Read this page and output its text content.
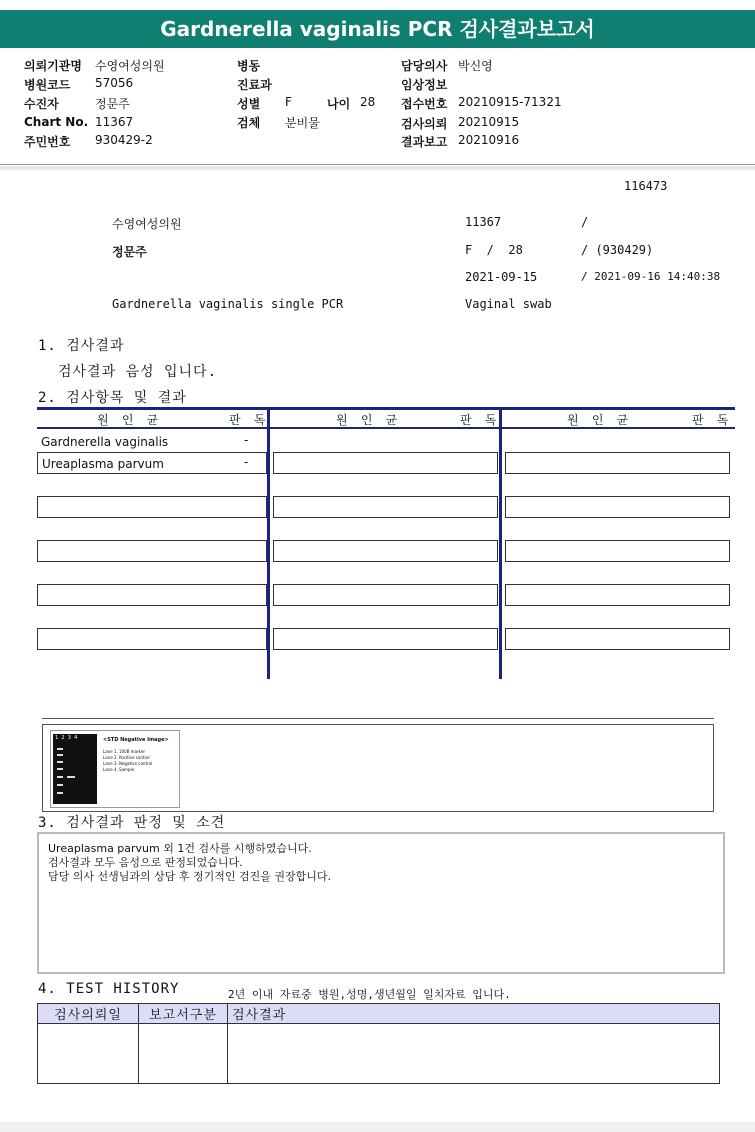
Gardnerella vaginalis PCR 검사결과보고서
의뢰기관명 수영여성의원
병원코드 57056
수진자	정문주
Chart No. 11367
주민번호 930429-2
병동
진료과
성별 F	나이 28
검체 분비물
담당의사 박신영
임상정보
접수번호 20210915-71321
검사의뢰 20210915
결과보고 20210916
116473
수영여성의원	11367	/
정문주	F  /  28	/ (930429)
2021-09-15	/ 2021-09-16 14:40:38
Gardnerella vaginalis single PCR	Vaginal swab
1. 검사결과
검사결과 음성 입니다.
2. 검사항목 및 결과
원 인 균	판 독	원 인 균	판 독	원 인 균	판 독
Gardnerella vaginalis	-
Ureaplasma parvum	-
1  2  3  4	<STD Negative Image>
Lane 1. 100B marker
Lane 2. Positive control
Lane 3. Negative control
Lane 4. Sample
3. 검사결과 판정 및 소견
Ureaplasma parvum 외 1건 검사를 시행하였습니다.
검사결과 모두 음성으로 판정되었습니다.
담당 의사 선생님과의 상담 후 정기적인 검진을 권장합니다.
4. TEST HISTORY	2년 이내 자료중 병원,성명,생년월일 일치자료 입니다.
검사의뢰일	보고서구분	검사결과
